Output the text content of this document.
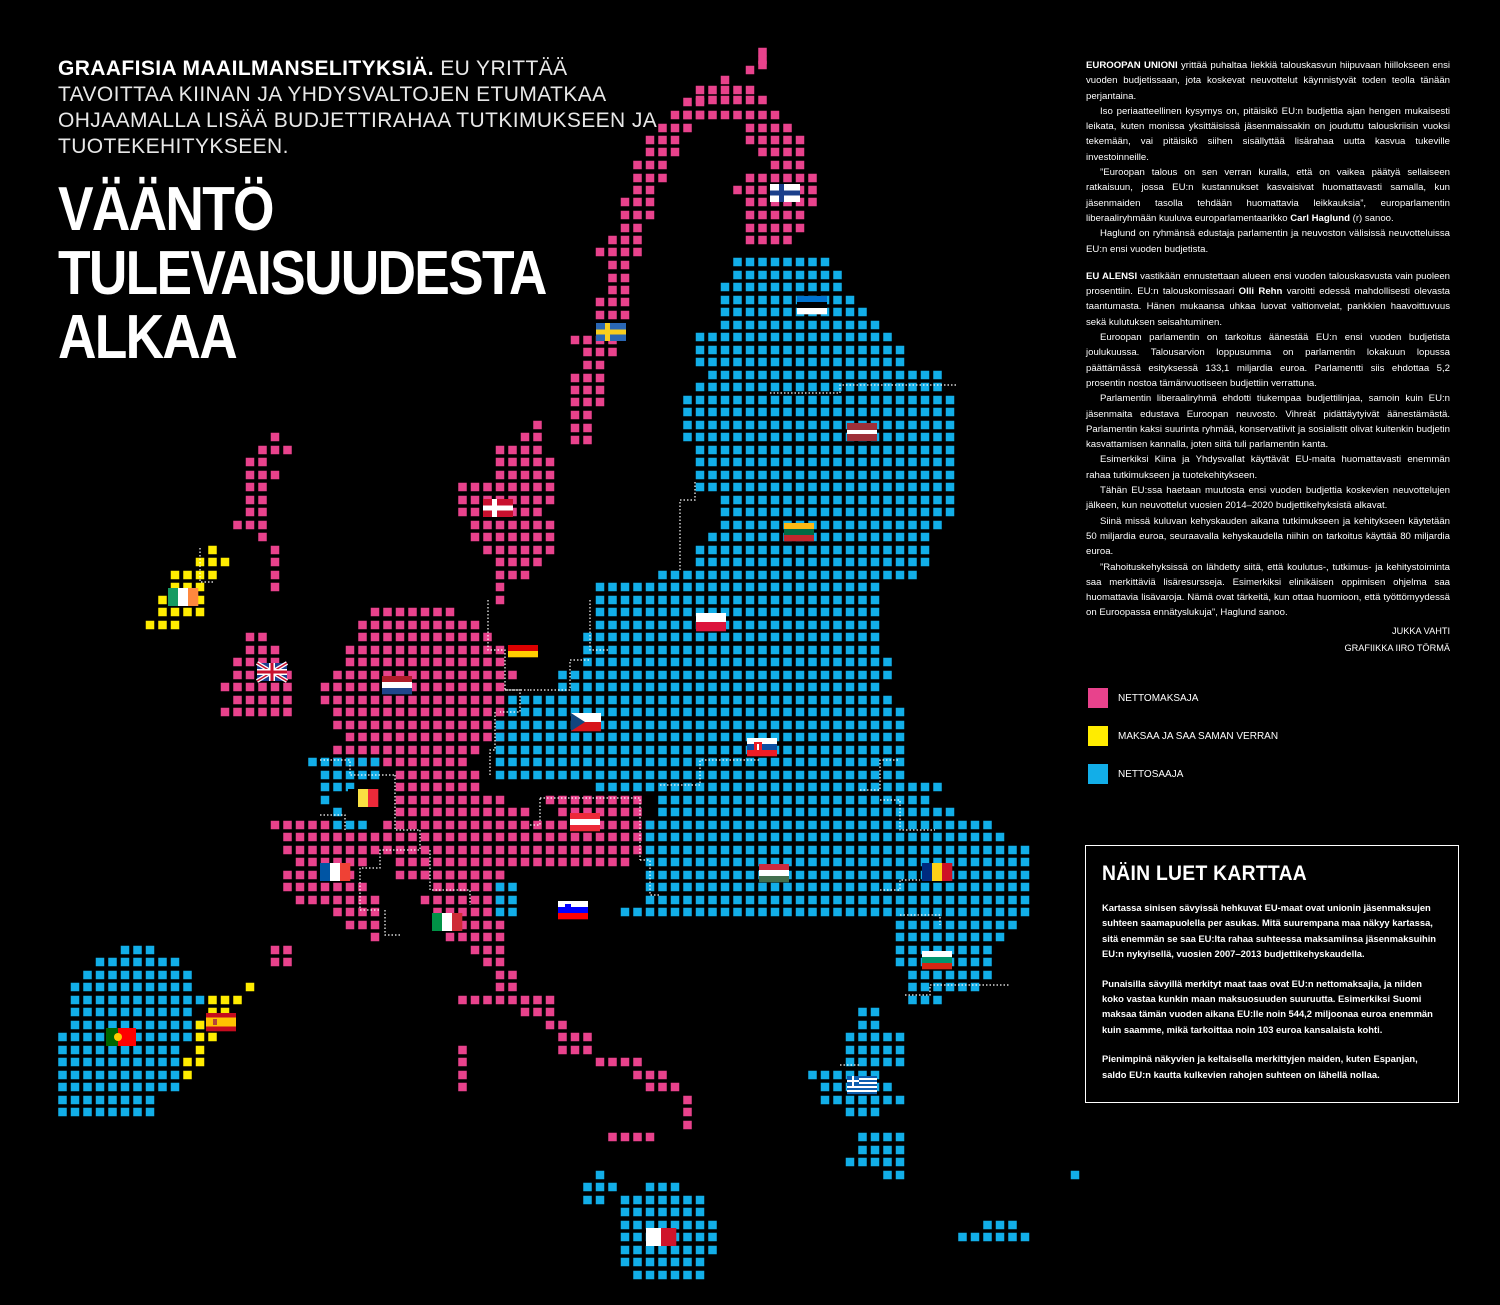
GRAAFISIA MAAILMANSELITYKSIÄ. EU YRITTÄÄ TAVOITTAA KIINAN JA YHDYSVALTOJEN ETUMATKAA OHJAAMALLA LISÄÄ BUDJETTIRAHAA TUTKIMUKSEEN JA TUOTEKEHITYKSEEN.
VÄÄNTÖ
TULEVAISUUDESTA
ALKAA

EUROOPAN UNIONI yrittää puhaltaa liekkiä talouskasvun hiipuvaan hiillokseen ensi vuoden budjetissaan, jota koskevat neuvottelut käynnistyvät toden teolla tänään perjantaina.

Iso periaatteellinen kysymys on, pitäisikö EU:n budjettia ajan hengen mukaisesti leikata, kuten monissa yksittäisissä jäsenmaissakin on jouduttu talouskriisin vuoksi tekemään, vai pitäisikö siihen sisällyttää lisärahaa uutta kasvua tukeville investoinneille.

”Euroopan talous on sen verran kuralla, että on vaikea päätyä sellaiseen ratkaisuun, jossa EU:n kustannukset kasvaisivat huomattavasti samalla, kun jäsenmaiden tasolla tehdään huomattavia leikkauksia”, europarlamentin liberaaliryhmään kuuluva europarlamentaarikko Carl Haglund (r) sanoo.

Haglund on ryhmänsä edustaja parlamentin ja neuvoston välisissä neuvotteluissa EU:n ensi vuoden budjetista.

EU ALENSI vastikään ennustettaan alueen ensi vuoden talouskasvusta vain puoleen prosenttiin. EU:n talouskomissaari Olli Rehn varoitti edessä mahdollisesti olevasta taantumasta. Hänen mukaansa uhkaa luovat valtionvelat, pankkien haavoittuvuus sekä kulutuksen seisahtuminen.

Euroopan parlamentin on tarkoitus äänestää EU:n ensi vuoden budjetista joulukuussa. Talousarvion loppusumma on parlamentin lokakuun lopussa päättämässä esityksessä 133,1 miljardia euroa. Parlamentti siis ehdottaa 5,2 prosentin nostoa tämänvuotiseen budjettiin verrattuna.

Parlamentin liberaaliryhmä ehdotti tiukempaa budjettilinjaa, samoin kuin EU:n jäsenmaita edustava Euroopan neuvosto. Vihreät pidättäytyivät äänestämästä. Parlamentin kaksi suurinta ryhmää, konservatiivit ja sosialistit olivat kuitenkin budjetin kasvattamisen kannalla, joten siitä tuli parlamentin kanta.

Esimerkiksi Kiina ja Yhdysvallat käyttävät EU-maita huomattavasti enemmän rahaa tutkimukseen ja tuotekehitykseen.

Tähän EU:ssa haetaan muutosta ensi vuoden budjettia koskevien neuvottelujen jälkeen, kun neuvottelut vuosien 2014–2020 budjettikehyksistä alkavat.

Siinä missä kuluvan kehyskauden aikana tutkimukseen ja kehitykseen käytetään 50 miljardia euroa, seuraavalla kehyskaudella niihin on tarkoitus käyttää 80 miljardia euroa.

”Rahoituskehyksissä on lähdetty siitä, että koulutus-, tutkimus- ja kehitystoiminta saa merkittäviä lisäresursseja. Esimerkiksi elinikäisen oppimisen ohjelma saa huomattavia lisävaroja. Nämä ovat tärkeitä, kun ottaa huomioon, että työttömyydessä on Euroopassa ennätyslukuja”, Haglund sanoo.

JUKKA VAHTI
GRAFIIKKA IIRO TÖRMÄ
NETTOMAKSAJA
MAKSAA JA SAA SAMAN VERRAN
NETTOSAAJA
NÄIN LUET KARTTAA

Kartassa sinisen sävyissä hehkuvat EU-maat ovat unionin jäsenmaksujen suhteen saamapuolella per asukas. Mitä suurempana maa näkyy kartassa, sitä enemmän se saa EU:lta rahaa suhteessa maksamiinsa jäsenmaksuihin EU:n nykyisellä, vuosien 2007–2013 budjettikehyskaudella.

Punaisilla sävyillä merkityt maat taas ovat EU:n nettomaksajia, ja niiden koko vastaa kunkin maan maksuosuuden suuruutta. Esimerkiksi Suomi maksaa tämän vuoden aikana EU:lle noin 544,2 miljoonaa euroa enemmän kuin saamme, mikä tarkoittaa noin 103 euroa kansalaista kohti.

Pienimpinä näkyvien ja keltaisella merkittyjen maiden, kuten Espanjan, saldo EU:n kautta kulkevien rahojen suhteen on lähellä nollaa.
